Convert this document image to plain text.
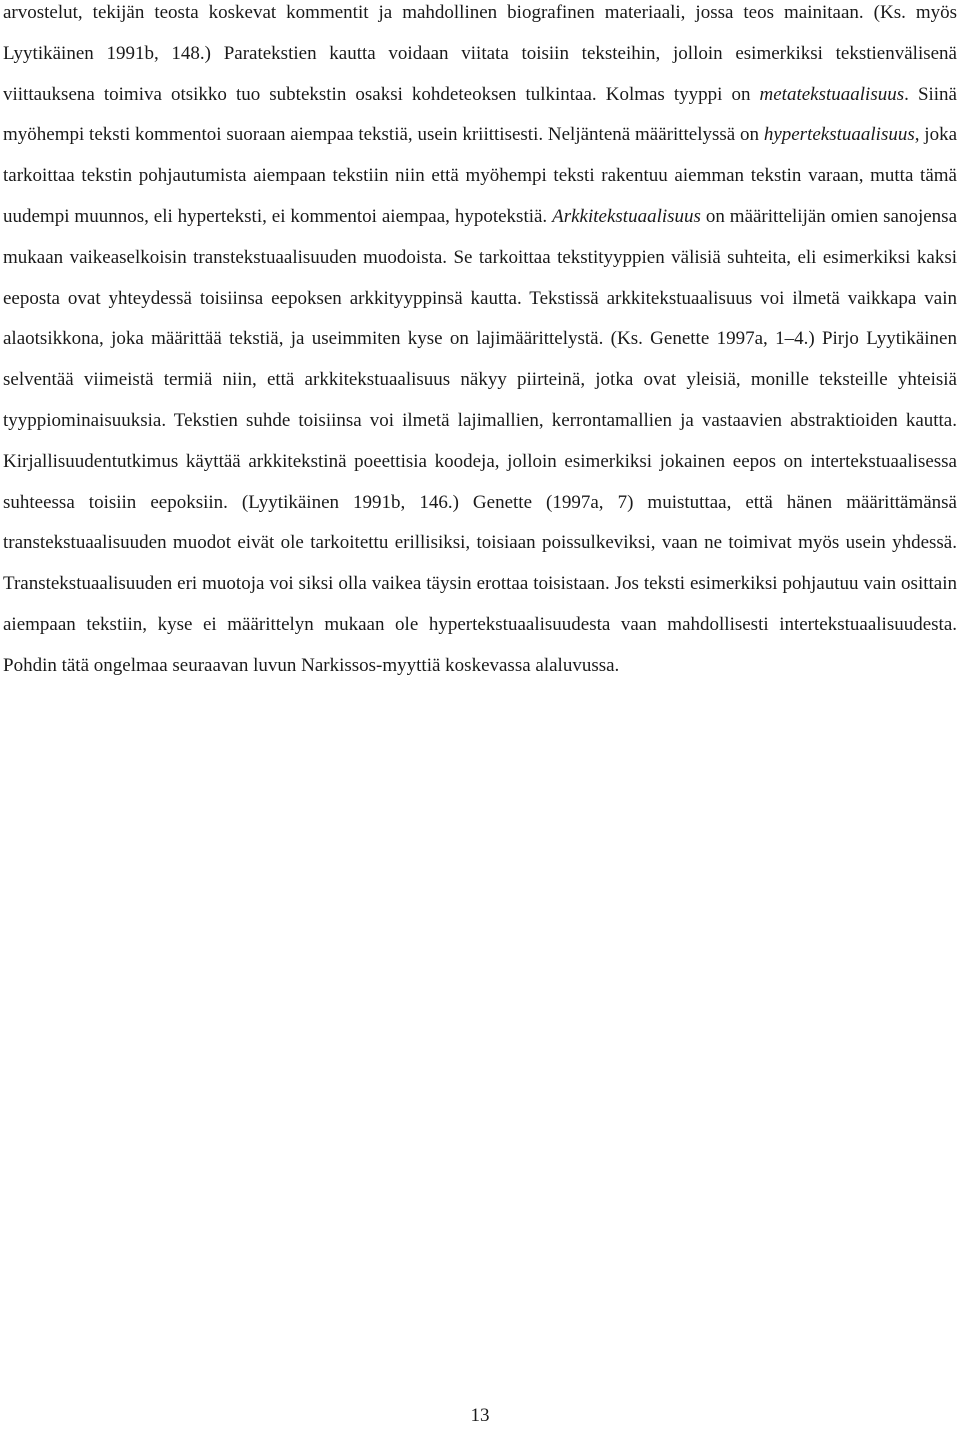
arvostelut, tekijän teosta koskevat kommentit ja mahdollinen biografinen materiaali, jossa teos mainitaan. (Ks. myös Lyytikäinen 1991b, 148.) Paratekstien kautta voidaan viitata toisiin teksteihin, jolloin esimerkiksi tekstienvälisenä viittauksena toimiva otsikko tuo subtekstin osaksi kohdeteoksen tulkintaa. Kolmas tyyppi on metatekstuaalisuus. Siinä myöhempi teksti kommentoi suoraan aiempaa tekstiä, usein kriittisesti. Neljäntenä määrittelyssä on hypertekstuaalisuus, joka tarkoittaa tekstin pohjautumista aiempaan tekstiin niin että myöhempi teksti rakentuu aiemman tekstin varaan, mutta tämä uudempi muunnos, eli hyperteksti, ei kommentoi aiempaa, hypotekstiä. Arkkitekstuaalisuus on määrittelijän omien sanojensa mukaan vaikeaselkoisin transtekstuaalisuuden muodoista. Se tarkoittaa tekstityyppien välisiä suhteita, eli esimerkiksi kaksi eeposta ovat yhteydessä toisiinsa eepoksen arkkityyppinsä kautta. Tekstissä arkkitekstuaalisuus voi ilmetä vaikkapa vain alaotsikkona, joka määrittää tekstiä, ja useimmiten kyse on lajimäärittelystä. (Ks. Genette 1997a, 1–4.) Pirjo Lyytikäinen selventää viimeistä termiä niin, että arkkitekstuaalisuus näkyy piirteinä, jotka ovat yleisiä, monille teksteille yhteisiä tyyppiominaisuuksia. Tekstien suhde toisiinsa voi ilmetä lajimallien, kerrontamallien ja vastaavien abstraktioiden kautta. Kirjallisuudentutkimus käyttää arkkitekstinä poeettisia koodeja, jolloin esimerkiksi jokainen eepos on intertekstuaalisessa suhteessa toisiin eepoksiin. (Lyytikäinen 1991b, 146.) Genette (1997a, 7) muistuttaa, että hänen määrittämänsä transtekstuaalisuuden muodot eivät ole tarkoitettu erillisiksi, toisiaan poissulkeviksi, vaan ne toimivat myös usein yhdessä. Transtekstuaalisuuden eri muotoja voi siksi olla vaikea täysin erottaa toisistaan. Jos teksti esimerkiksi pohjautuu vain osittain aiempaan tekstiin, kyse ei määrittelyn mukaan ole hypertekstuaalisuudesta vaan mahdollisesti intertekstuaalisuudesta. Pohdin tätä ongelmaa seuraavan luvun Narkissos-myyttiä koskevassa alaluvussa.

13
